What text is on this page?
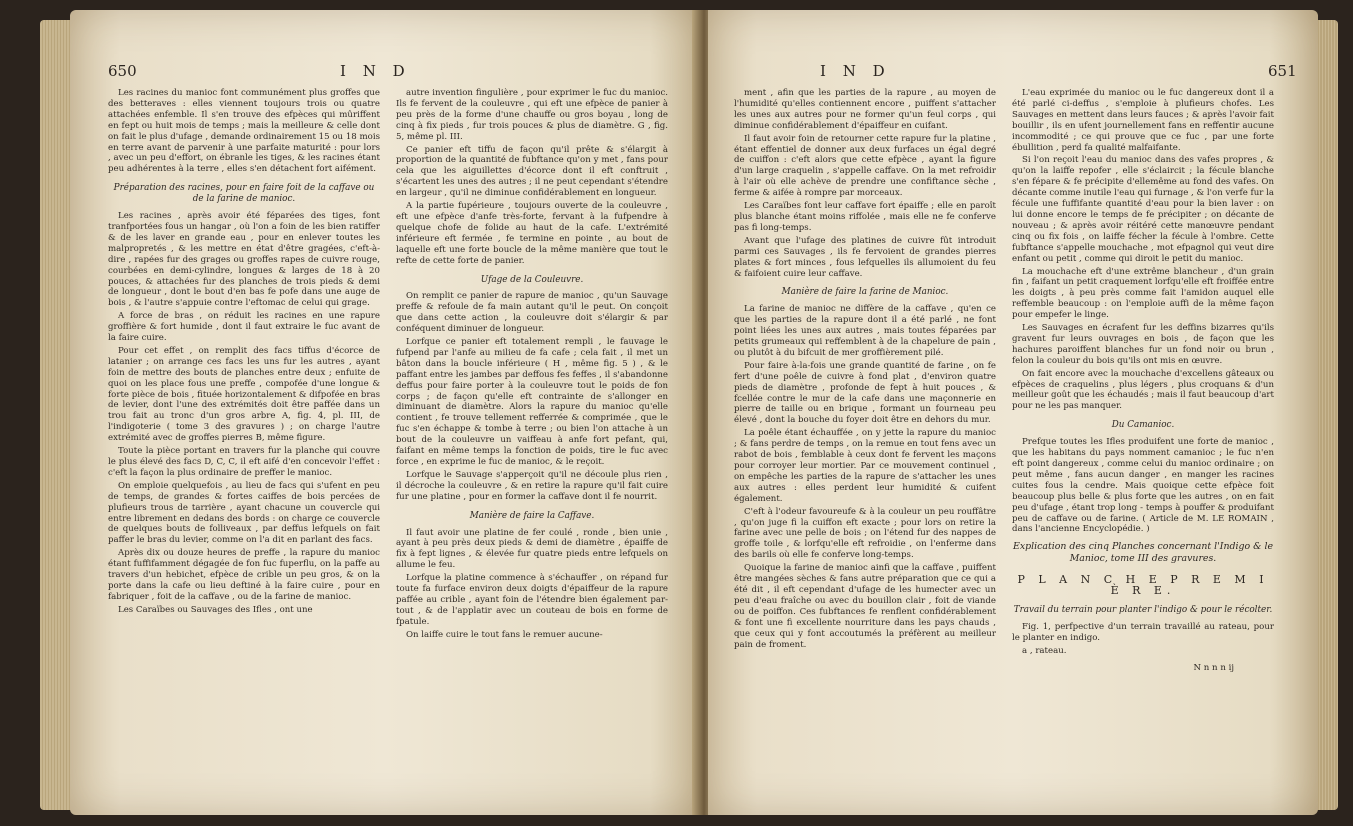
650	I N D

Les racines du manioc font communément plus groffes que des betteraves : elles viennent toujours trois ou quatre attachées enfemble. Il s'en trouve des efpèces qui mûriffent en fept ou huit mois de temps ; mais la meilleure & celle dont on fait le plus d'ufage , demande ordinairement 15 ou 18 mois en terre avant de parvenir à une parfaite maturité : pour lors , avec un peu d'effort, on ébranle les tiges, & les racines étant peu adhérentes à la terre , elles s'en détachent fort aifément.

Préparation des racines, pour en faire foit de la caffave ou de la farine de manioc.

Les racines , après avoir été féparées des tiges, font tranfportées fous un hangar , où l'on a foin de les bien ratiffer & de les laver en grande eau , pour en enlever toutes les malpropretés , & les mettre en état d'être gragées, c'eft-à-dire , rapées fur des grages ou groffes rapes de cuivre rouge, courbées en demi-cylindre, longues & larges de 18 à 20 pouces, & attachées fur des planches de trois pieds & demi de longueur , dont le bout d'en bas fe pofe dans une auge de bois , & l'autre s'appuie contre l'eftomac de celui qui grage.

A force de bras , on réduit les racines en une rapure groffière & fort humide , dont il faut extraire le fuc avant de la faire cuire.

Pour cet effet , on remplit des facs tiffus d'écorce de latanier ; on arrange ces facs les uns fur les autres , ayant foin de mettre des bouts de planches entre deux ; enfuite de quoi on les place fous une preffe , compofée d'une longue & forte pièce de bois , fituée horizontalement & difpofée en bras de levier, dont l'une des extrémités doit être paffée dans un trou fait au tronc d'un gros arbre A, fig. 4, pl. III, de l'indigoterie ( tome 3 des gravures ) ; on charge l'autre extrémité avec de groffes pierres B, même figure.

Toute la pièce portant en travers fur la planche qui couvre le plus élevé des facs D, C, C, il eft aifé d'en concevoir l'effet : c'eft la façon la plus ordinaire de preffer le manioc.

On emploie quelquefois , au lieu de facs qui s'ufent en peu de temps, de grandes & fortes caiffes de bois percées de plufieurs trous de tarrière , ayant chacune un couvercle qui entre librement en dedans des bords : on charge ce couvercle de quelques bouts de folliveaux , par deffus lefquels on fait paffer le bras du levier, comme on l'a dit en parlant des facs.

Après dix ou douze heures de preffe , la rapure du manioc étant fuffifamment dégagée de fon fuc fuperflu, on la paffe au travers d'un hebichet, efpèce de crible un peu gros, & on la porte dans la cafe ou lieu deftiné à la faire cuire , pour en fabriquer , foit de la caffave , ou de la farine de manioc.

Les Caraïbes ou Sauvages des Ifles , ont une

autre invention fingulière , pour exprimer le fuc du manioc. Ils fe fervent de la couleuvre , qui eft une efpèce de panier à peu près de la forme d'une chauffe ou gros boyau , long de cinq à fix pieds , fur trois pouces & plus de diamètre. G , fig. 5, même pl. III.

Ce panier eft tiffu de façon qu'il prête & s'élargit à proportion de la quantité de fubftance qu'on y met , fans pour cela que les aiguillettes d'écorce dont il eft conftruit , s'écartent les unes des autres ; il ne peut cependant s'étendre en largeur , qu'il ne diminue confidérablement en longueur.

A la partie fupérieure , toujours ouverte de la couleuvre , eft une efpèce d'anfe très-forte, fervant à la fufpendre à quelque chofe de folide au haut de la cafe. L'extrémité inférieure eft fermée , fe termine en pointe , au bout de laquelle eft une forte boucle de la même manière que tout le refte de cette forte de panier.

Ufage de la Couleuvre.

On remplit ce panier de rapure de manioc , qu'un Sauvage preffe & refoule de fa main autant qu'il le peut. On conçoit que dans cette action , la couleuvre doit s'élargir & par conféquent diminuer de longueur.

Lorfque ce panier eft totalement rempli , le fauvage le fufpend par l'anfe au milieu de fa cafe ; cela fait , il met un bâton dans la boucle inférieure ( H , même fig. 5 ) , & le paffant entre les jambes par deffous fes feffes , il s'abandonne deffus pour faire porter à la couleuvre tout le poids de fon corps ; de façon qu'elle eft contrainte de s'allonger en diminuant de diamètre. Alors la rapure du manioc qu'elle contient , fe trouve tellement refferrée & comprimée , que le fuc s'en échappe & tombe à terre ; ou bien l'on attache à un bout de la couleuvre un vaiffeau à anfe fort pefant, qui, faifant en même temps la fonction de poids, tire le fuc avec force , en exprime le fuc de manioc, & le reçoit.

Lorfque le Sauvage s'apperçoit qu'il ne découle plus rien , il décroche la couleuvre , & en retire la rapure qu'il fait cuire fur une platine , pour en former la caffave dont il fe nourrit.

Manière de faire la Caffave.

Il faut avoir une platine de fer coulé , ronde , bien unie , ayant à peu près deux pieds & demi de diamètre , épaiffe de fix à fept lignes , & élevée fur quatre pieds entre lefquels on allume le feu.

Lorfque la platine commence à s'échauffer , on répand fur toute fa furface environ deux doigts d'épaiffeur de la rapure paffée au crible , ayant foin de l'étendre bien également par-tout , & de l'applatir avec un couteau de bois en forme de fpatule.

On laiffe cuire le tout fans le remuer aucune-

I N D	651

ment , afin que les parties de la rapure , au moyen de l'humidité qu'elles contiennent encore , puiffent s'attacher les unes aux autres pour ne former qu'un feul corps , qui diminue confidérablement d'épaiffeur en cuifant.

Il faut avoir foin de retourner cette rapure fur la platine , étant effentiel de donner aux deux furfaces un égal degré de cuiffon : c'eft alors que cette efpèce , ayant la figure d'un large craquelin , s'appelle caffave. On la met refroidir à l'air où elle achève de prendre une confiftance sèche , ferme & aifée à rompre par morceaux.

Les Caraïbes font leur caffave fort épaiffe ; elle en paroît plus blanche étant moins riffolée , mais elle ne fe conferve pas fi long-temps.

Avant que l'ufage des platines de cuivre fût introduit parmi ces Sauvages , ils fe fervoient de grandes pierres plates & fort minces , fous lefquelles ils allumoient du feu & faifoient cuire leur caffave.

Manière de faire la farine de Manioc.

La farine de manioc ne diffère de la caffave , qu'en ce que les parties de la rapure dont il a été parlé , ne font point liées les unes aux autres , mais toutes féparées par petits grumeaux qui reffemblent à de la chapelure de pain , ou plutôt à du bifcuit de mer groffièrement pilé.

Pour faire à-la-fois une grande quantité de farine , on fe fert d'une poêle de cuivre à fond plat , d'environ quatre pieds de diamètre , profonde de fept à huit pouces , & fcellée contre le mur de la cafe dans une maçonnerie en pierre de taille ou en brique , formant un fourneau peu élevé , dont la bouche du foyer doit être en dehors du mur.

La poêle étant échauffée , on y jette la rapure du manioc ; & fans perdre de temps , on la remue en tout fens avec un rabot de bois , femblable à ceux dont fe fervent les maçons pour corroyer leur mortier. Par ce mouvement continuel , on empêche les parties de la rapure de s'attacher les unes aux autres : elles perdent leur humidité & cuifent également.

C'eft à l'odeur favoureufe & à la couleur un peu rouffâtre , qu'on juge fi la cuiffon eft exacte ; pour lors on retire la farine avec une pelle de bois ; on l'étend fur des nappes de groffe toile , & lorfqu'elle eft refroidie , on l'enferme dans des barils où elle fe conferve long-temps.

Quoique la farine de manioc ainfi que la caffave , puiffent être mangées sèches & fans autre préparation que ce qui a été dit , il eft cependant d'ufage de les humecter avec un peu d'eau fraîche ou avec du bouillon clair , foit de viande ou de poiffon. Ces fubftances fe renflent confidérablement & font une fi excellente nourriture dans les pays chauds , que ceux qui y font accoutumés la préfèrent au meilleur pain de froment.

L'eau exprimée du manioc ou le fuc dangereux dont il a été parlé ci-deffus , s'emploie à plufieurs chofes. Les Sauvages en mettent dans leurs fauces ; & après l'avoir fait bouillir , ils en ufent journellement fans en reffentir aucune incommodité ; ce qui prouve que ce fuc , par une forte ébullition , perd fa qualité malfaifante.

Si l'on reçoit l'eau du manioc dans des vafes propres , & qu'on la laiffe repofer , elle s'éclaircit ; la fécule blanche s'en fépare & fe précipite d'ellemême au fond des vafes. On décante comme inutile l'eau qui furnage , & l'on verfe fur la fécule une fuffifante quantité d'eau pour la bien laver : on lui donne encore le temps de fe précipiter ; on décante de nouveau ; & après avoir réitéré cette manœuvre pendant cinq ou fix fois , on laiffe fécher la fécule à l'ombre. Cette fubftance s'appelle mouchache , mot efpagnol qui veut dire enfant ou petit , comme qui diroit le petit du manioc.

La mouchache eft d'une extrême blancheur , d'un grain fin , faifant un petit craquement lorfqu'elle eft froiffée entre les doigts , à peu près comme fait l'amidon auquel elle reffemble beaucoup : on l'emploie auffi de la même façon pour empefer le linge.

Les Sauvages en écrafent fur les deffins bizarres qu'ils gravent fur leurs ouvrages en bois , de façon que les hachures paroiffent blanches fur un fond noir ou brun , felon la couleur du bois qu'ils ont mis en œuvre.

On fait encore avec la mouchache d'excellens gâteaux ou efpèces de craquelins , plus légers , plus croquans & d'un meilleur goût que les échaudés ; mais il faut beaucoup d'art pour ne les pas manquer.

Du Camanioc.

Prefque toutes les Ifles produifent une forte de manioc , que les habitans du pays nomment camanioc ; le fuc n'en eft point dangereux , comme celui du manioc ordinaire ; on peut même , fans aucun danger , en manger les racines cuites fous la cendre. Mais quoique cette efpèce foit beaucoup plus belle & plus forte que les autres , on en fait peu d'ufage , étant trop long - temps à pouffer & produifant peu de caffave ou de farine. ( Article de M. LE ROMAIN , dans l'ancienne Encyclopédie. )

Explication des cinq Planches concernant l'Indigo & le Manioc, tome III des gravures.
P L A N C H E P R E M I È R E.
Travail du terrain pour planter l'indigo & pour le récolter.

Fig. 1, perfpective d'un terrain travaillé au rateau, pour le planter en indigo.

a , rateau.

N n n n ij
